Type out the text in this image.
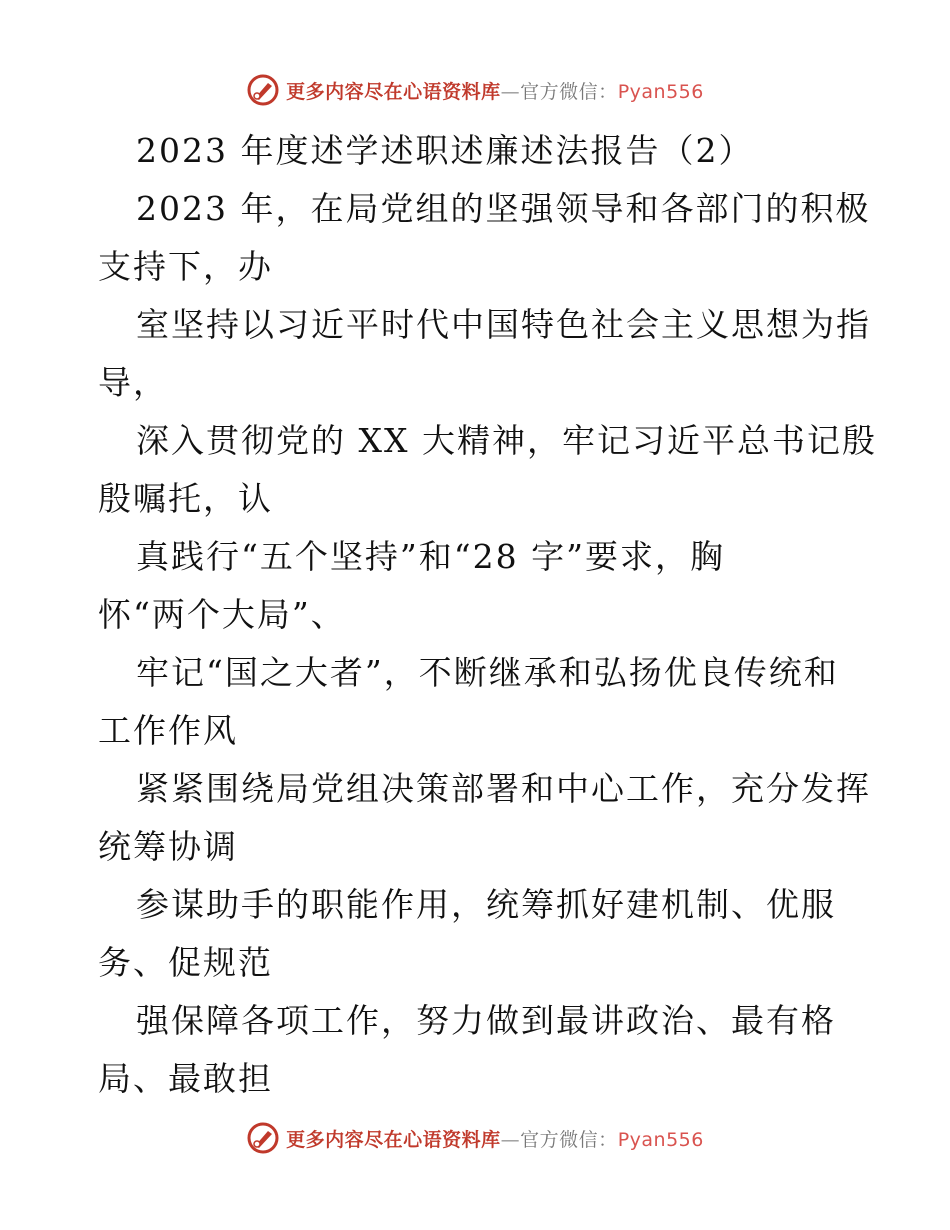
更多内容尽在心语资料库—官方微信：Pyan556
2023 年度述学述职述廉述法报告（2）
2023 年，在局党组的坚强领导和各部门的积极
支持下，办
室坚持以习近平时代中国特色社会主义思想为指
导，
深入贯彻党的 XX 大精神，牢记习近平总书记殷
殷嘱托，认
真践行“五个坚持”和“28 字”要求，胸
怀“两个大局”、
牢记“国之大者”，不断继承和弘扬优良传统和
工作作风
紧紧围绕局党组决策部署和中心工作，充分发挥
统筹协调
参谋助手的职能作用，统筹抓好建机制、优服
务、促规范
强保障各项工作，努力做到最讲政治、最有格
局、最敢担
更多内容尽在心语资料库—官方微信：Pyan556
